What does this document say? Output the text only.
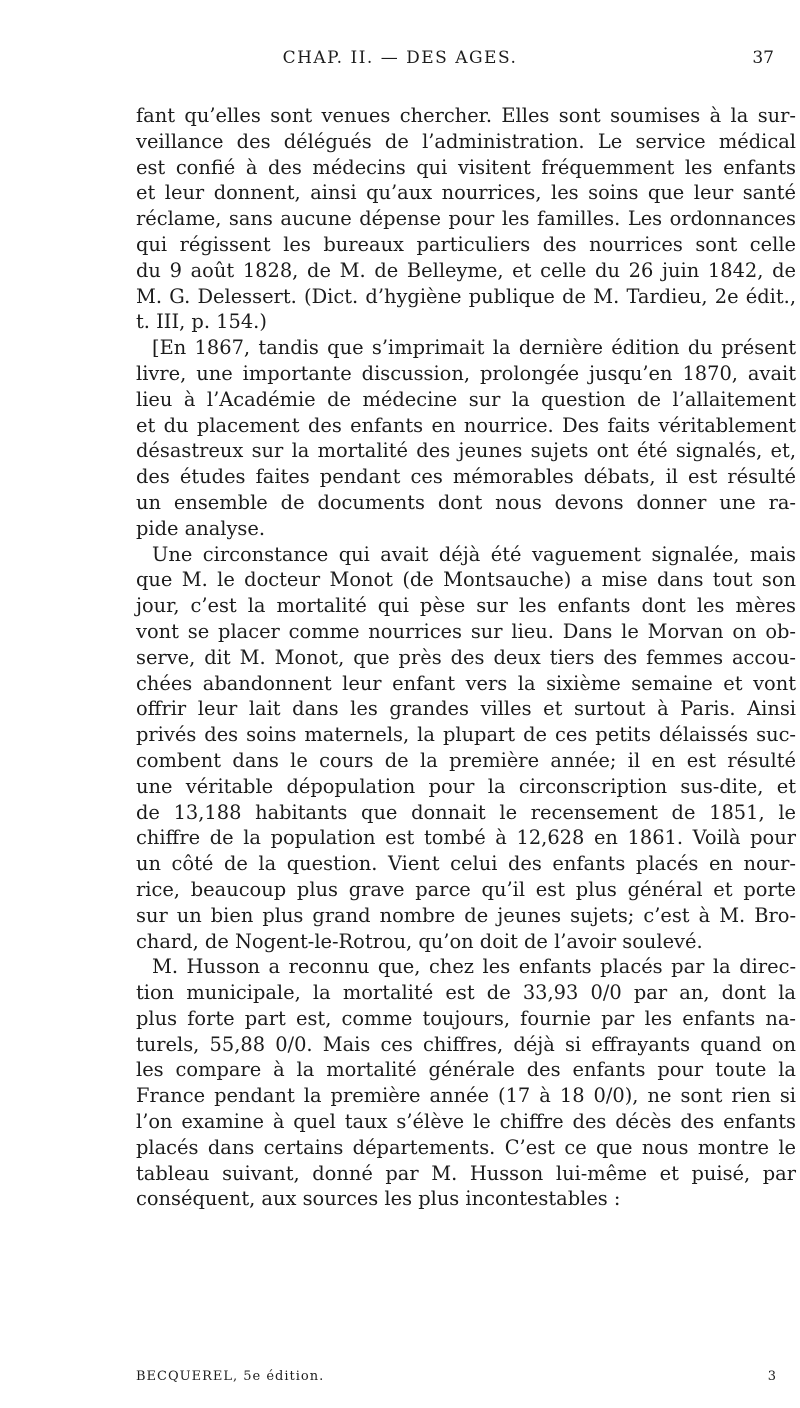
CHAP. II. — DES AGES.	37
fant qu’elles sont venues chercher. Elles sont soumises à la sur-
veillance des délégués de l’administration. Le service médical
est confié à des médecins qui visitent fréquemment les enfants
et leur donnent, ainsi qu’aux nourrices, les soins que leur santé
réclame, sans aucune dépense pour les familles. Les ordonnances
qui régissent les bureaux particuliers des nourrices sont celle
du 9 août 1828, de M. de Belleyme, et celle du 26 juin 1842, de
M. G. Delessert. (Dict. d’hygiène publique de M. Tardieu, 2e édit.,
t. III, p. 154.)
[En 1867, tandis que s’imprimait la dernière édition du présent
livre, une importante discussion, prolongée jusqu’en 1870, avait
lieu à l’Académie de médecine sur la question de l’allaitement
et du placement des enfants en nourrice. Des faits véritablement
désastreux sur la mortalité des jeunes sujets ont été signalés, et,
des études faites pendant ces mémorables débats, il est résulté
un ensemble de documents dont nous devons donner une ra-
pide analyse.
Une circonstance qui avait déjà été vaguement signalée, mais
que M. le docteur Monot (de Montsauche) a mise dans tout son
jour, c’est la mortalité qui pèse sur les enfants dont les mères
vont se placer comme nourrices sur lieu. Dans le Morvan on ob-
serve, dit M. Monot, que près des deux tiers des femmes accou-
chées abandonnent leur enfant vers la sixième semaine et vont
offrir leur lait dans les grandes villes et surtout à Paris. Ainsi
privés des soins maternels, la plupart de ces petits délaissés suc-
combent dans le cours de la première année; il en est résulté
une véritable dépopulation pour la circonscription sus-dite, et
de 13,188 habitants que donnait le recensement de 1851, le
chiffre de la population est tombé à 12,628 en 1861. Voilà pour
un côté de la question. Vient celui des enfants placés en nour-
rice, beaucoup plus grave parce qu’il est plus général et porte
sur un bien plus grand nombre de jeunes sujets; c’est à M. Bro-
chard, de Nogent-le-Rotrou, qu’on doit de l’avoir soulevé.
M. Husson a reconnu que, chez les enfants placés par la direc-
tion municipale, la mortalité est de 33,93 0/0 par an, dont la
plus forte part est, comme toujours, fournie par les enfants na-
turels, 55,88 0/0. Mais ces chiffres, déjà si effrayants quand on
les compare à la mortalité générale des enfants pour toute la
France pendant la première année (17 à 18 0/0), ne sont rien si
l’on examine à quel taux s’élève le chiffre des décès des enfants
placés dans certains départements. C’est ce que nous montre le
tableau suivant, donné par M. Husson lui-même et puisé, par
conséquent, aux sources les plus incontestables :
BECQUEREL, 5e édition.	3
